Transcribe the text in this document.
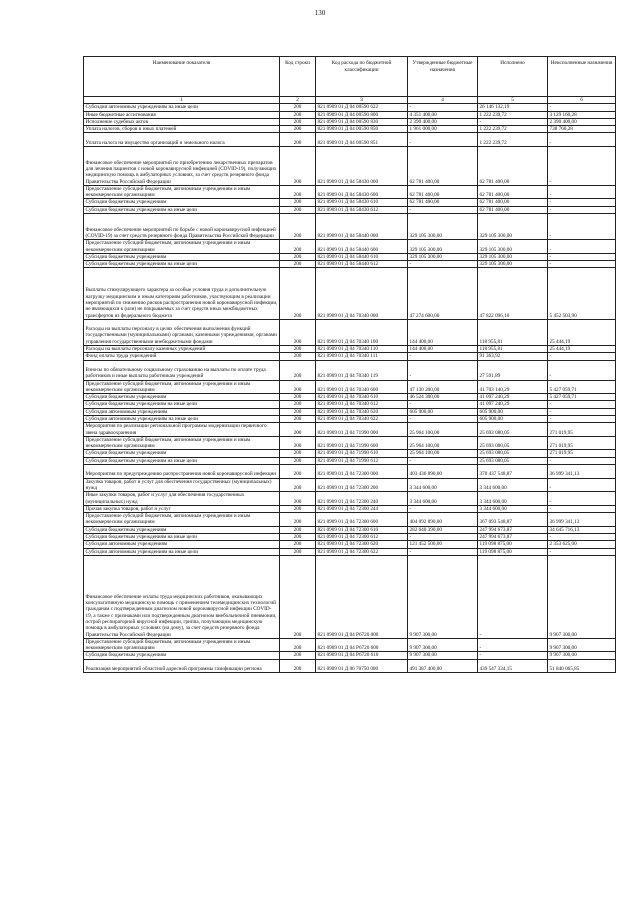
130
Наименование показателя	Код строки	Код расхода по бюджетной классификации	Утвержденные бюджетные назначения	Исполнено	Неисполненные назначения
1	2	3	4	5	6
Субсидии автономным учреждениям на иные цели	200	821 0909 01 Д 04 00590 622	-	26 146 132,19	-
Иные бюджетные ассигнования	200	821 0909 01 Д 04 00590 800	4 351 400,00	1 222 239,72	3 129 160,28
Исполнение судебных актов	200	821 0909 01 Д 04 00590 830	2 390 400,00	-	2 390 400,00
Уплата налогов, сборов и иных платежей	200	821 0909 01 Д 04 00590 850	1 961 000,00	1 222 239,72	738 760,28
Уплата налога на имущество организаций и земельного налога	200	821 0909 01 Д 04 00590 851	-	1 222 239,72	-
Финансовое обеспечение мероприятий по приобретению лекарственных препаратов для лечения пациентов с новой коронавирусной инфекцией (COVID-19), получающих медицинскую помощь в амбулаторных условиях, за счет средств резервного фонда Правительства Российской Федерации	200	821 0909 01 Д 04 58430 000	62 781 400,00	62 781 400,00	-
Предоставление субсидий бюджетным, автономным учреждениям и иным некоммерческим организациям	200	821 0909 01 Д 04 58430 600	62 781 400,00	62 781 400,00	-
Субсидии бюджетным учреждениям	200	821 0909 01 Д 04 58430 610	62 781 400,00	62 781 400,00	-
Субсидии бюджетным учреждениям на иные цели	200	821 0909 01 Д 04 58430 612	-	62 781 400,00	-
Финансовое обеспечение мероприятий по борьбе с новой коронавирусной инфекцией (COVID-19) за счет средств резервного фонда Правительства Российской Федерации	200	821 0909 01 Д 04 58440 000	329 105 300,00	329 105 300,00	-
Предоставление субсидий бюджетным, автономным учреждениям и иным некоммерческим организациям	200	821 0909 01 Д 04 58440 600	329 105 300,00	329 105 300,00	-
Субсидии бюджетным учреждениям	200	821 0909 01 Д 04 58440 610	329 105 300,00	329 105 300,00	-
Субсидии бюджетным учреждениям на иные цели	200	821 0909 01 Д 04 58440 612	-	329 105 300,00	-
Выплаты стимулирующего характера за особые условия труда и дополнительную нагрузку медицинским и иным категориям работников, участвующим в реализации мероприятий по снижению рисков распространения новой коронавирусной инфекции, не являющихся к (или) не покрываемых за счет средств иных межбюджетных трансфертов из федерального бюджета	200	821 0909 01 Д 04 70340 000	47 274 600,00	47 822 096,10	5 452 503,90
Расходы на выплаты персоналу в целях обеспечения выполнения функций государственными (муниципальными) органами, казенными учреждениями, органами управления государственными внебюджетными фондами	200	821 0909 01 Д 04 70340 100	144 400,00	118 955,81	25 444,19
Расходы на выплаты персоналу казенных учреждений	200	821 0909 01 Д 04 70340 110	144 400,00	118 955,81	25 444,19
Фонд оплаты труда учреждений	200	821 0909 01 Д 04 70340 111	-	91 363,92	-
Взносы по обязательному социальному страхованию на выплаты по оплате труда работников и иные выплаты работникам учреждений	200	821 0909 01 Д 04 70340 119	-	27 591,89	-
Предоставление субсидий бюджетным, автономным учреждениям и иным некоммерческим организациям	200	821 0909 01 Д 04 70340 600	47 130 200,00	41 703 140,29	5 427 059,71
Субсидии бюджетным учреждениям	200	821 0909 01 Д 04 70340 610	46 524 300,00	41 097 240,29	5 427 059,71
Субсидии бюджетным учреждениям на иные цели	200	821 0909 01 Д 04 70340 612	-	41 097 240,29	-
Субсидии автономным учреждениям	200	821 0909 01 Д 04 70340 620	605 900,00	605 900,00	-
Субсидии автономным учреждениям на иные цели	200	821 0909 01 Д 04 70340 622	-	605 900,00	-
Мероприятия по реализации региональной программы модернизации первичного звена здравоохранения	200	821 0909 01 Д 04 71990 000	25 964 100,00	25 693 080,05	271 019,95
Предоставление субсидий бюджетным, автономным учреждениям и иным некоммерческим организациям	200	821 0909 01 Д 04 71990 600	25 964 100,00	25 693 080,05	271 019,95
Субсидии бюджетным учреждениям	200	821 0909 01 Д 04 71990 610	25 964 100,00	25 693 080,05	271 019,95
Субсидии бюджетным учреждениям на иные цели	200	821 0909 01 Д 04 71990 612	-	25 693 080,05	-
Мероприятия по предупреждению распространения новой коронавирусной инфекции	200	821 0909 01 Д 04 72300 000	403 436 890,00	370 437 548,87	36 999 341,13
Закупка товаров, работ и услуг для обеспечения государственных (муниципальных) нужд	200	821 0909 01 Д 04 72300 200	3 344 600,00	3 344 600,00	-
Иные закупки товаров, работ и услуг для обеспечения государственных (муниципальных) нужд	200	821 0909 01 Д 04 72300 240	3 344 600,00	3 344 600,00	-
Прочая закупка товаров, работ и услуг	200	821 0909 01 Д 04 72300 244	-	3 344 600,00	-
Предоставление субсидий бюджетным, автономным учреждениям и иным некоммерческим организациям	200	821 0909 01 Д 04 72300 600	404 092 890,00	367 093 548,87	36 999 341,13
Субсидии бюджетным учреждениям	200	821 0909 01 Д 04 72300 610	282 640 390,00	247 994 673,87	34 645 716,13
Субсидии бюджетным учреждениям на иные цели	200	821 0909 01 Д 04 72300 612	-	247 994 673,87	-
Субсидии автономным учреждениям	200	821 0909 01 Д 04 72300 620	121 452 500,00	119 098 875,00	2 353 625,00
Субсидии автономным учреждениям на иные цели	200	821 0909 01 Д 04 72300 622	-	119 098 875,00	-
Финансовое обеспечение оплаты труда медицинских работников, оказывающих консультативную медицинскую помощь с применением телемедицинских технологий гражданам с подтвержденным диагнозом новой коронавирусной инфекции COVID-19, а также с признаками или подтвержденным диагнозом внебольничной пневмонии, острой респираторной вирусной инфекции, гриппа, получающим медицинскую помощь в амбулаторных условиях (на дому), за счет средств резервного фонда Правительства Российской Федерации	200	821 0909 01 Д 04 Р6720 000	9 907 300,00	-	9 907 300,00
Предоставление субсидий бюджетным, автономным учреждениям и иным некоммерческим организациям	200	821 0909 01 Д 04 Р6720 600	9 907 300,00	-	9 907 300,00
Субсидии бюджетным учреждениям	200	821 0909 01 Д 04 Р6720 610	9 907 300,00	-	9 907 300,00
Реализация мероприятий областной адресной программы газификации региона	200	821 0909 01 Д 06 70750 000	491 387 400,00	439 547 334,15	51 840 065,85
